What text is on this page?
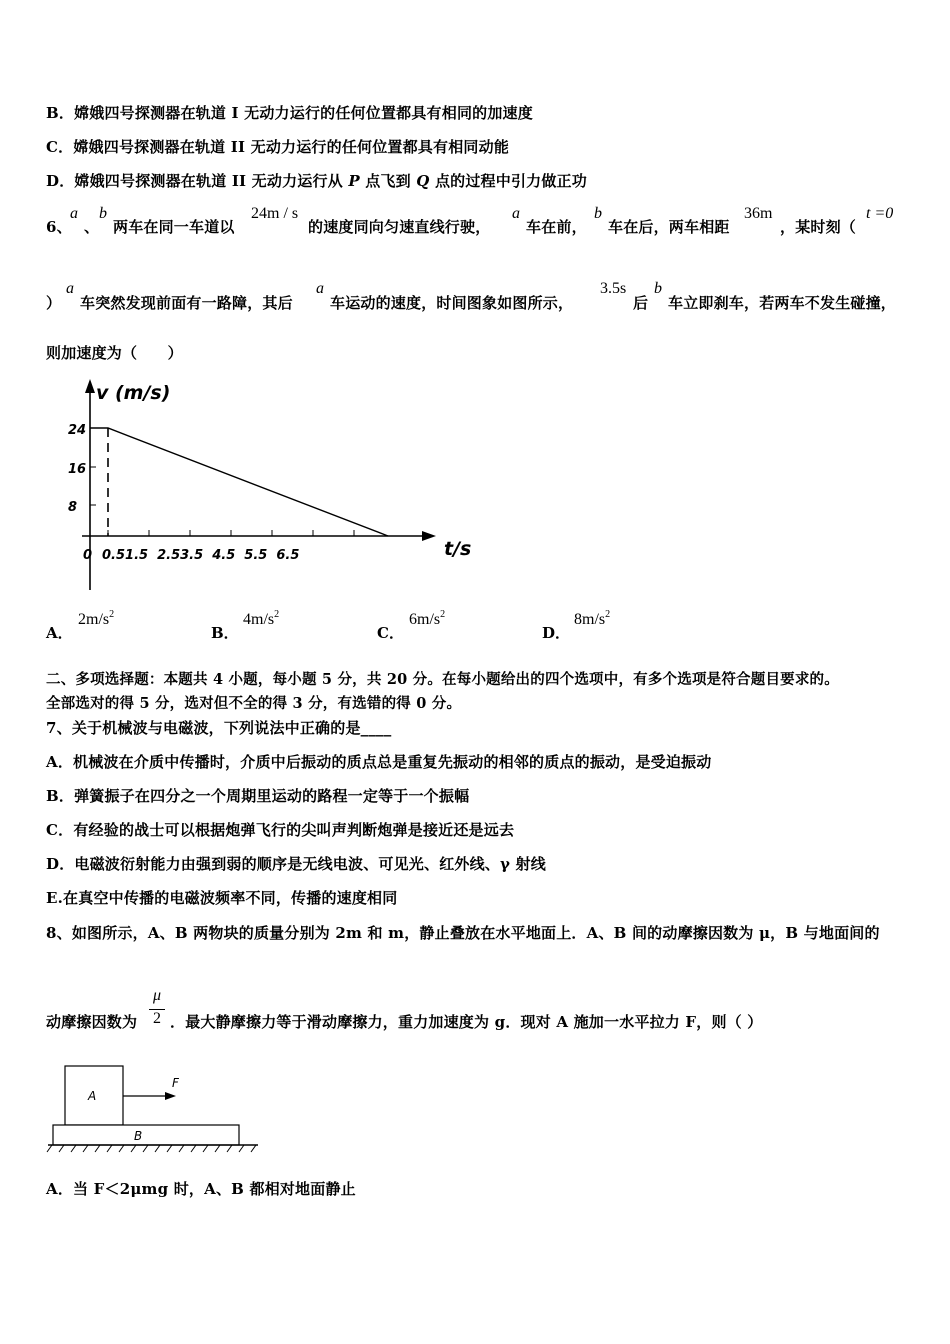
B．嫦娥四号探测器在轨道 I 无动力运行的任何位置都具有相同的加速度
C．嫦娥四号探测器在轨道 II 无动力运行的任何位置都具有相同动能
D．嫦娥四号探测器在轨道 II 无动力运行从 P 点飞到 Q 点的过程中引力做正功
6、
a
、
b
两车在同一车道以
24m / s
的速度同向匀速直线行驶，
a
车在前，
b
车在后，两车相距
36m
，某时刻（
t =0
）
a
车突然发现前面有一路障，其后
a
车运动的速度，时间图象如图所示，
3.5s
后
b
车立即刹车，若两车不发生碰撞，
则加速度为（　　）
v (m/s)
t/s
24
16
8
0 0.51.5  2.53.5  4.5  5.5  6.5
A．
$2m/s^2$
B．
$4m/s^2$
C．
$6m/s^2$
D．
$8m/s^2$
二、多项选择题：本题共 4 小题，每小题 5 分，共 20 分。在每小题给出的四个选项中，有多个选项是符合题目要求的。
全部选对的得 5 分，选对但不全的得 3 分，有选错的得 0 分。
7、关于机械波与电磁波，下列说法中正确的是____
A．机械波在介质中传播时，介质中后振动的质点总是重复先振动的相邻的质点的振动，是受迫振动
B．弹簧振子在四分之一个周期里运动的路程一定等于一个振幅
C．有经验的战士可以根据炮弹飞行的尖叫声判断炮弹是接近还是远去
D．电磁波衍射能力由强到弱的顺序是无线电波、可见光、红外线、γ 射线
E.在真空中传播的电磁波频率不同，传播的速度相同
8、如图所示，A、B 两物块的质量分别为 2m 和 m，静止叠放在水平地面上．A、B 间的动摩擦因数为 μ，B 与地面间的
动摩擦因数为
μ
2 ．最大静摩擦力等于滑动摩擦力，重力加速度为 g．现对 A 施加一水平拉力 F，则（ ）
A
B
F
A．当 F＜2μmg 时，A、B 都相对地面静止
